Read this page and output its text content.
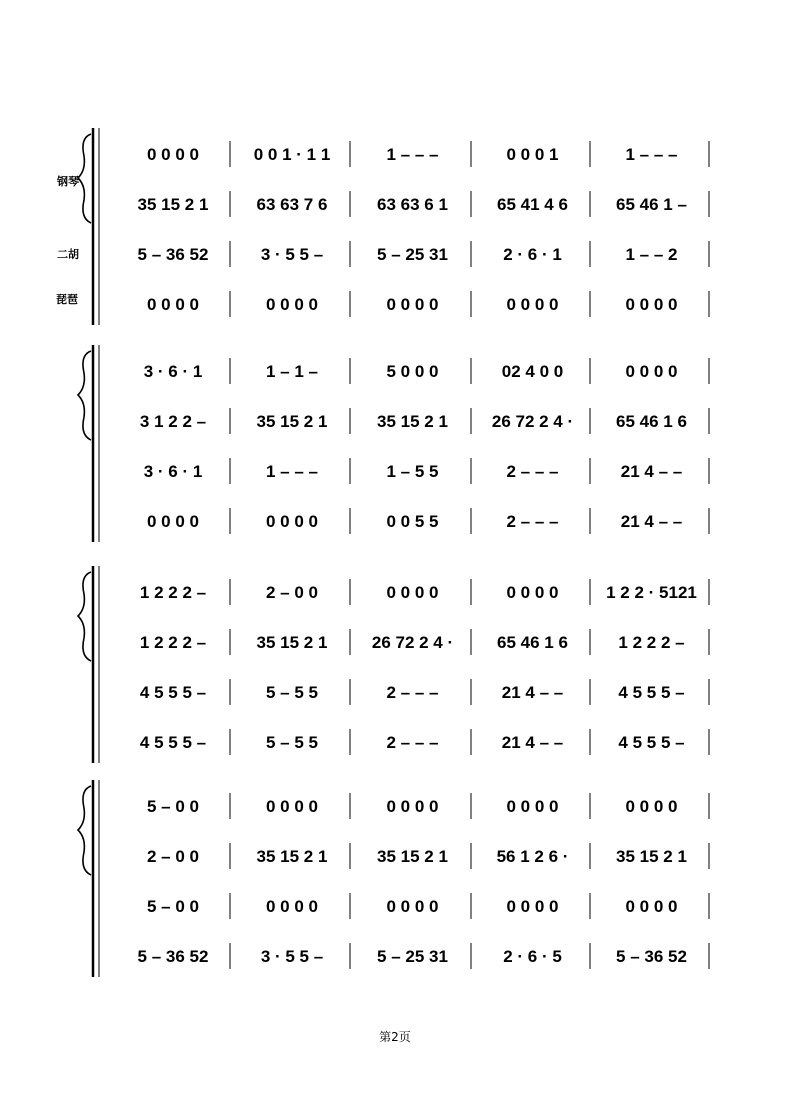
0 0 0 0	0 0 1 · 1 1	1 – – –	0 0 0 1	1 – – –
35 15 2 1	63 63 7 6	63 63 6 1	65 41 4 6	65 46 1 –
5 – 36 52	3 · 5 5 –	5 – 25 31	2 · 6 · 1	1 – – 2
0 0 0 0	0 0 0 0	0 0 0 0	0 0 0 0	0 0 0 0
3 · 6 · 1	1 – 1 –	5 0 0 0	02 4 0 0	0 0 0 0
3 1 2 2 –	35 15 2 1	35 15 2 1	26 72 2 4 ·	65 46 1 6
3 · 6 · 1	1 – – –	1 – 5 5	2 – – –	21 4 – –
0 0 0 0	0 0 0 0	0 0 5 5	2 – – –	21 4 – –
1 2 2 2 –	2 – 0 0	0 0 0 0	0 0 0 0	1 2 2 · 5121
1 2 2 2 –	35 15 2 1	26 72 2 4 ·	65 46 1 6	1 2 2 2 –
4 5 5 5 –	5 – 5 5	2 – – –	21 4 – –	4 5 5 5 –
4 5 5 5 –	5 – 5 5	2 – – –	21 4 – –	4 5 5 5 –
5 – 0 0	0 0 0 0	0 0 0 0	0 0 0 0	0 0 0 0
2 – 0 0	35 15 2 1	35 15 2 1	56 1 2 6 ·	35 15 2 1
5 – 0 0	0 0 0 0	0 0 0 0	0 0 0 0	0 0 0 0
5 – 36 52	3 · 5 5 –	5 – 25 31	2 · 6 · 5	5 – 36 52
钢琴
二胡
琵琶
第2页
